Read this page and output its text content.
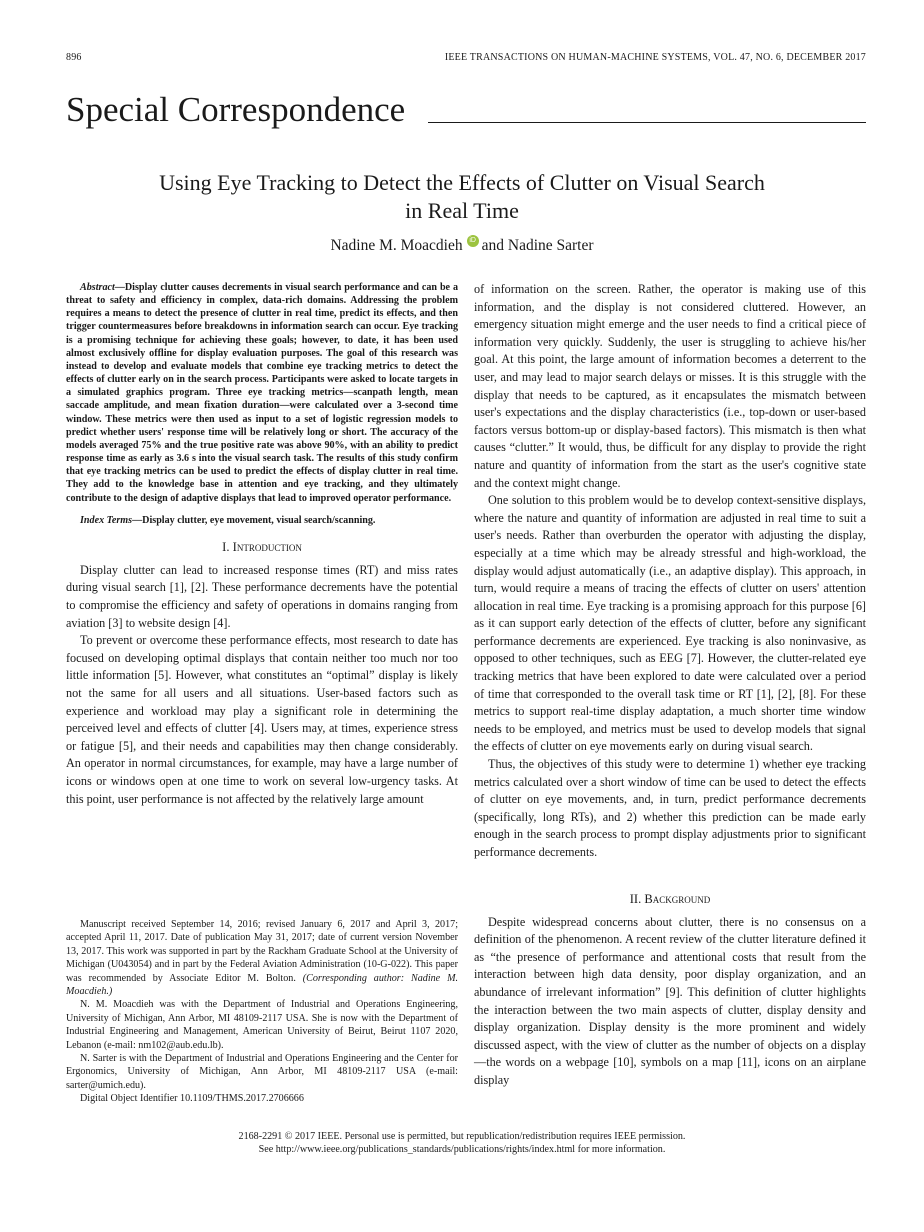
896	IEEE TRANSACTIONS ON HUMAN-MACHINE SYSTEMS, VOL. 47, NO. 6, DECEMBER 2017
Special Correspondence
Using Eye Tracking to Detect the Effects of Clutter on Visual Search
in Real Time
Nadine M. Moacdieh iD and Nadine Sarter

Abstract—Display clutter causes decrements in visual search performance and can be a threat to safety and efficiency in complex, data-rich domains. Addressing the problem requires a means to detect the presence of clutter in real time, predict its effects, and then trigger countermeasures before breakdowns in information search can occur. Eye tracking is a promising technique for achieving these goals; however, to date, it has been used almost exclusively offline for display evaluation purposes. The goal of this research was instead to develop and evaluate models that combine eye tracking metrics to detect the effects of clutter early on in the search process. Participants were asked to locate targets in a simulated graphics program. Three eye tracking metrics—scanpath length, mean saccade amplitude, and mean fixation duration—were calculated over a 3-second time window. These metrics were then used as input to a set of logistic regression models to predict whether users' response time will be relatively long or short. The accuracy of the models averaged 75% and the true positive rate was above 90%, with an ability to predict response time as early as 3.6 s into the visual search task. The results of this study confirm that eye tracking metrics can be used to predict the effects of display clutter in real time. They add to the knowledge base in attention and eye tracking, and they ultimately contribute to the design of adaptive displays that lead to improved operator performance.

Index Terms—Display clutter, eye movement, visual search/scanning.

I. Introduction

Display clutter can lead to increased response times (RT) and miss rates during visual search [1], [2]. These performance decrements have the potential to compromise the efficiency and safety of operations in domains ranging from aviation [3] to website design [4].

To prevent or overcome these performance effects, most research to date has focused on developing optimal displays that contain neither too much nor too little information [5]. However, what constitutes an “optimal” display is likely not the same for all users and all situations. User-based factors such as experience and workload may play a significant role in determining the perceived level and effects of clutter [4]. Users may, at times, experience stress or fatigue [5], and their needs and capabilities may then change considerably. An operator in normal circumstances, for example, may have a large number of icons or windows open at one time to work on several low-urgency tasks. At this point, user performance is not affected by the relatively large amount

Manuscript received September 14, 2016; revised January 6, 2017 and April 3, 2017; accepted April 11, 2017. Date of publication May 31, 2017; date of current version November 13, 2017. This work was supported in part by the Rackham Graduate School at the University of Michigan (U043054) and in part by the Federal Aviation Administration (10-G-022). This paper was recommended by Associate Editor M. Bolton. (Corresponding author: Nadine M. Moacdieh.)

N. M. Moacdieh was with the Department of Industrial and Operations Engineering, University of Michigan, Ann Arbor, MI 48109-2117 USA. She is now with the Department of Industrial Engineering and Management, American University of Beirut, Beirut 1107 2020, Lebanon (e-mail: nm102@aub.edu.lb).

N. Sarter is with the Department of Industrial and Operations Engineering and the Center for Ergonomics, University of Michigan, Ann Arbor, MI 48109-2117 USA (e-mail: sarter@umich.edu).

Digital Object Identifier 10.1109/THMS.2017.2706666

of information on the screen. Rather, the operator is making use of this information, and the display is not considered cluttered. However, an emergency situation might emerge and the user needs to find a critical piece of information very quickly. Suddenly, the user is struggling to achieve his/her goal. At this point, the large amount of information becomes a deterrent to the user, and may lead to major search delays or misses. It is this struggle with the display that needs to be captured, as it encapsulates the mismatch between user's expectations and the display characteristics (i.e., top-down or user-based factors versus bottom-up or display-based factors). This mismatch is then what causes “clutter.” It would, thus, be difficult for any display to provide the right nature and quantity of information from the start as the user's cognitive state and the context might change.

One solution to this problem would be to develop context-sensitive displays, where the nature and quantity of information are adjusted in real time to suit a user's needs. Rather than overburden the operator with adjusting the display, especially at a time which may be already stressful and high-workload, the display would adjust automatically (i.e., an adaptive display). This approach, in turn, would require a means of tracing the effects of clutter on users' attention allocation in real time. Eye tracking is a promising approach for this purpose [6] as it can support early detection of the effects of clutter, before any significant performance decrements are experienced. Eye tracking is also noninvasive, as opposed to other techniques, such as EEG [7]. However, the clutter-related eye tracking metrics that have been explored to date were calculated over a period of time that corresponded to the overall task time or RT [1], [2], [8]. For these metrics to support real-time display adaptation, a much shorter time window needs to be employed, and metrics must be used to develop models that signal the effects of clutter on eye movements early on during visual search.

Thus, the objectives of this study were to determine 1) whether eye tracking metrics calculated over a short window of time can be used to detect the effects of clutter on eye movements, and, in turn, predict performance decrements (specifically, long RTs), and 2) whether this prediction can be made early enough in the search process to prompt display adjustments prior to significant performance decrements.

II. Background

Despite widespread concerns about clutter, there is no consensus on a definition of the phenomenon. A recent review of the clutter literature defined it as “the presence of performance and attentional costs that result from the interaction between high data density, poor display organization, and an abundance of irrelevant information” [9]. This definition of clutter highlights the interaction between the two main aspects of clutter, display density and display organization. Display density is the more prominent and widely discussed aspect, with the view of clutter as the number of objects on a display—the words on a webpage [10], symbols on a map [11], icons on an airplane display

2168-2291 © 2017 IEEE. Personal use is permitted, but republication/redistribution requires IEEE permission.
See http://www.ieee.org/publications_standards/publications/rights/index.html for more information.
